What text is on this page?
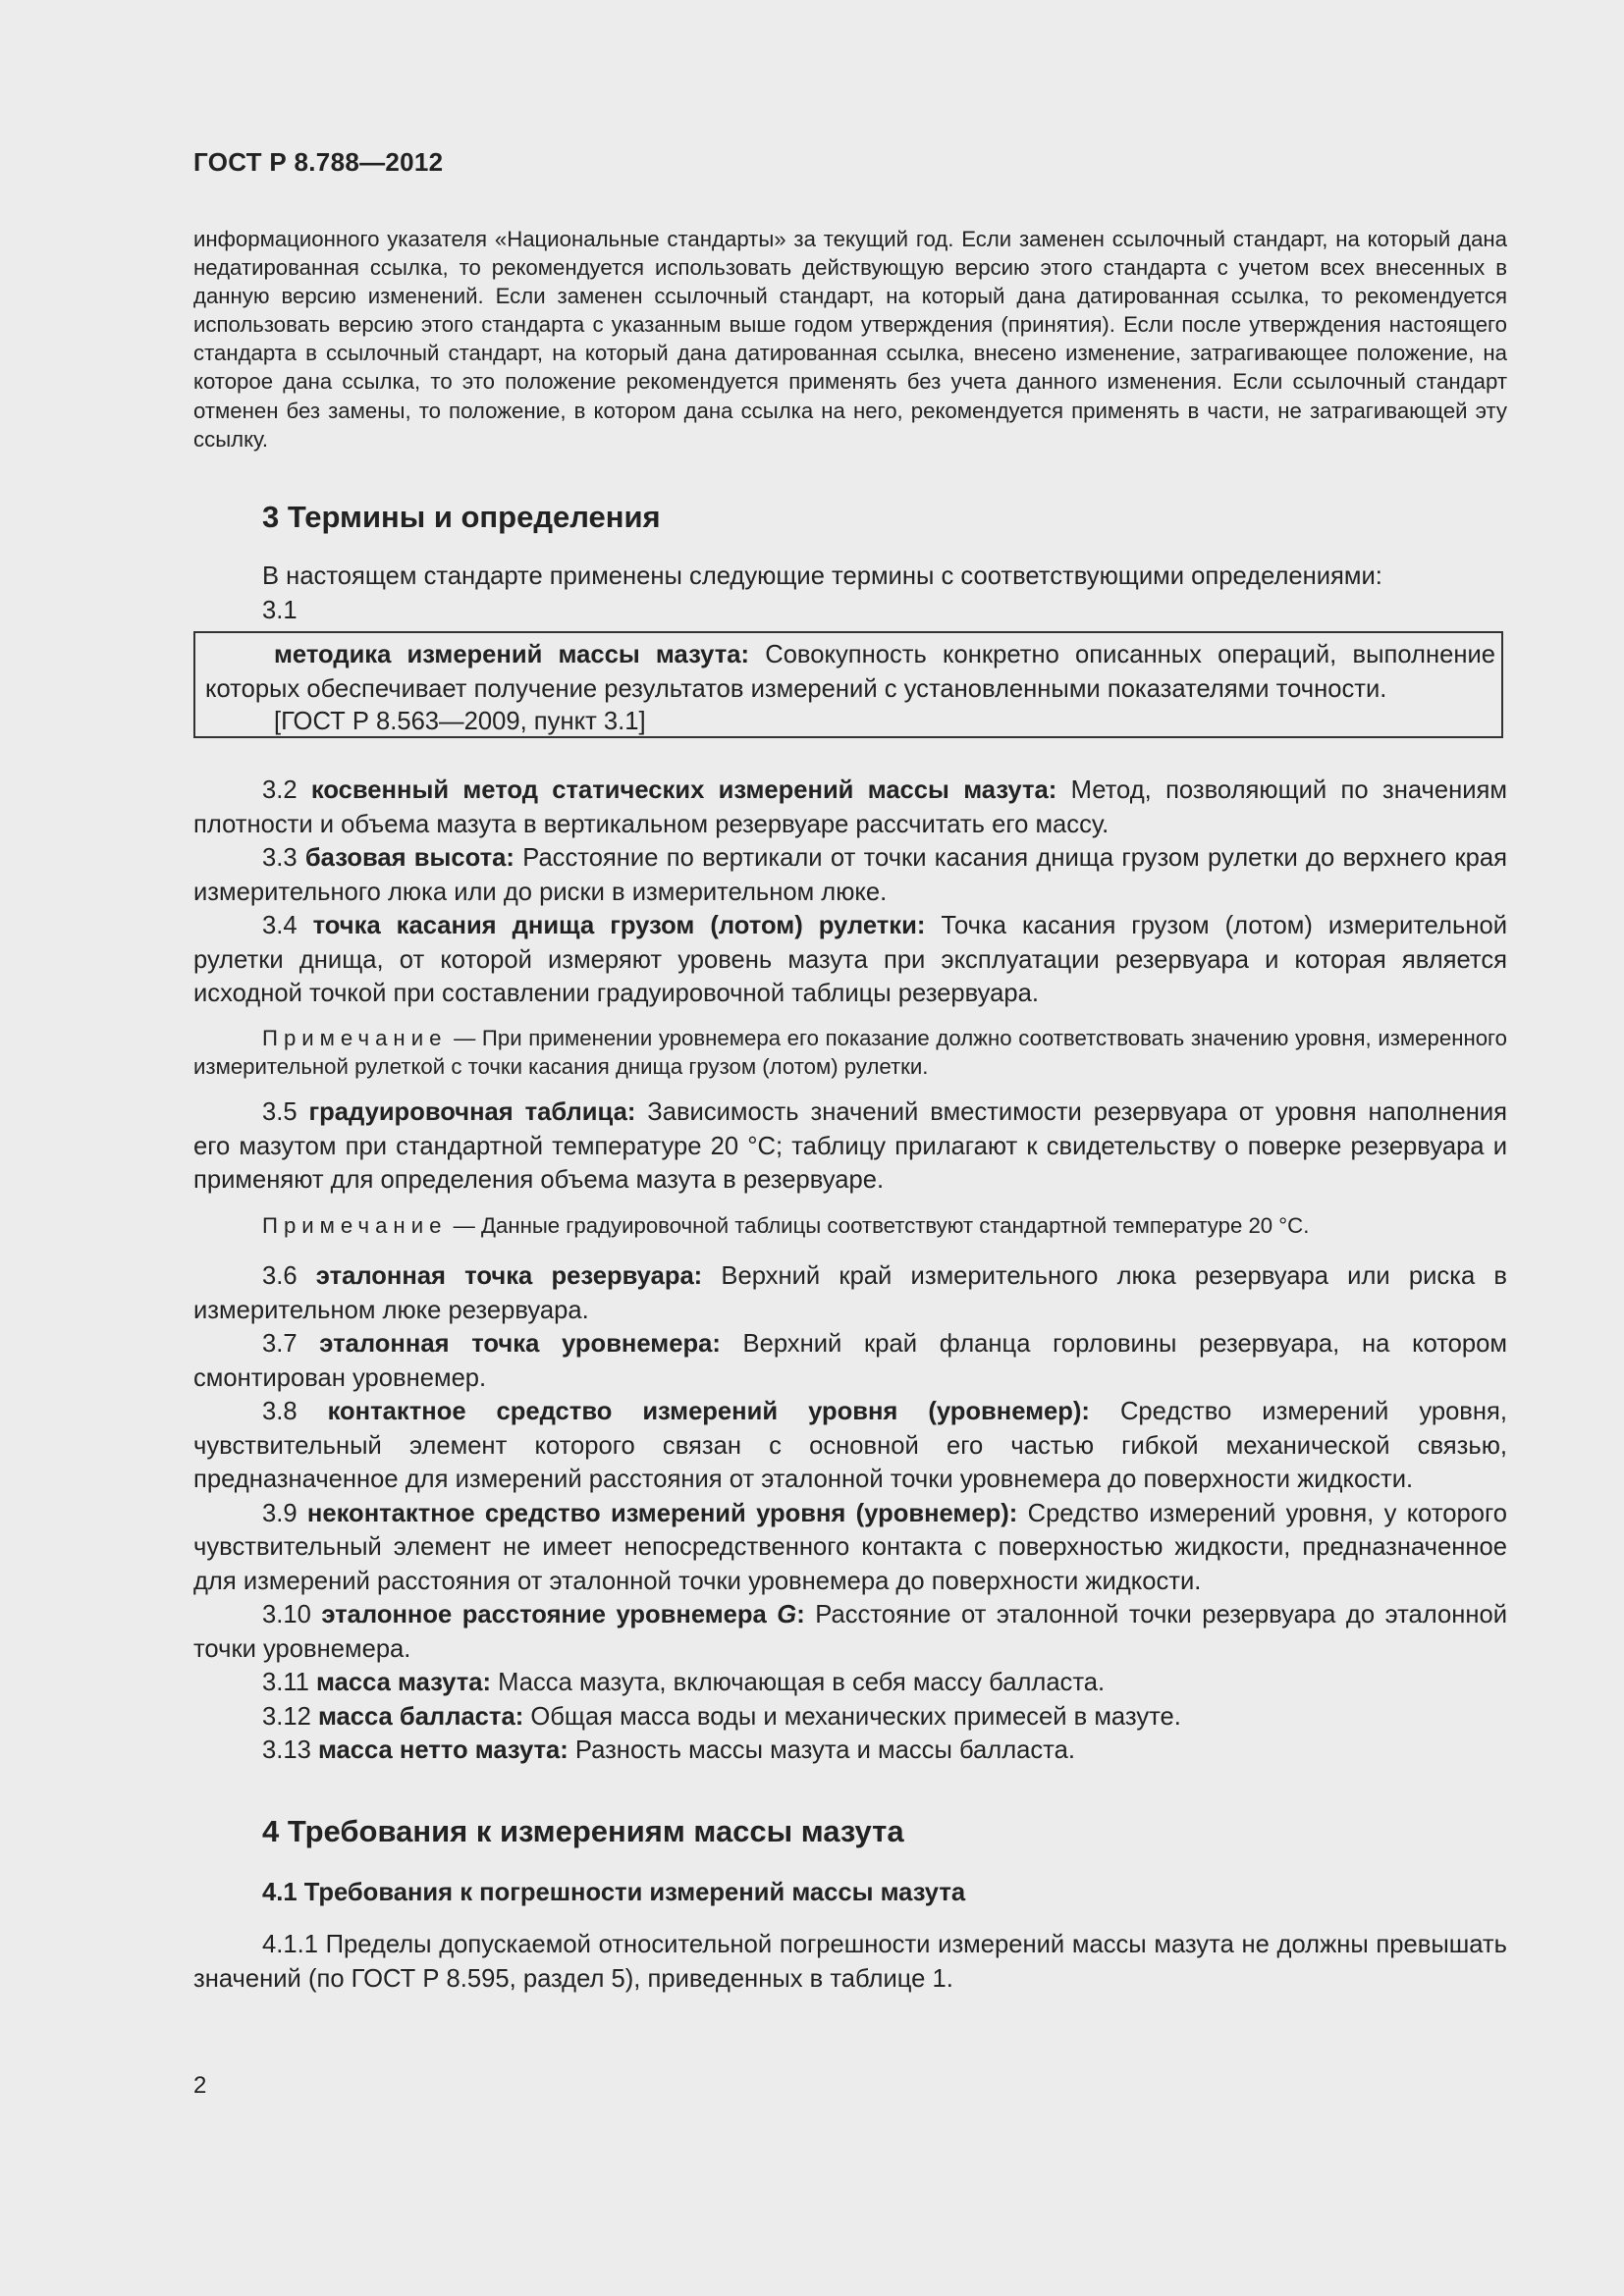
ГОСТ Р 8.788—2012

информационного указателя «Национальные стандарты» за текущий год. Если заменен ссылочный стандарт, на который дана недатированная ссылка, то рекомендуется использовать действующую версию этого стандарта с учетом всех внесенных в данную версию изменений. Если заменен ссылочный стандарт, на который дана датированная ссылка, то рекомендуется использовать версию этого стандарта с указанным выше годом утверждения (принятия). Если после утверждения настоящего стандарта в ссылочный стандарт, на который дана датированная ссылка, внесено изменение, затрагивающее положение, на которое дана ссылка, то это положение рекомендуется применять без учета данного изменения. Если ссылочный стандарт отменен без замены, то положение, в котором дана ссылка на него, рекомендуется применять в части, не затрагивающей эту ссылку.

3 Термины и определения

В настоящем стандарте применены следующие термины с соответствующими определениями:

3.1

методика измерений массы мазута: Совокупность конкретно описанных операций, выполнение которых обеспечивает получение результатов измерений с установленными показателями точности.

[ГОСТ Р 8.563—2009, пункт 3.1]

3.2 косвенный метод статических измерений массы мазута: Метод, позволяющий по значениям плотности и объема мазута в вертикальном резервуаре рассчитать его массу.

3.3 базовая высота: Расстояние по вертикали от точки касания днища грузом рулетки до верхнего края измерительного люка или до риски в измерительном люке.

3.4 точка касания днища грузом (лотом) рулетки: Точка касания грузом (лотом) измерительной рулетки днища, от которой измеряют уровень мазута при эксплуатации резервуара и которая является исходной точкой при составлении градуировочной таблицы резервуара.

Примечание — При применении уровнемера его показание должно соответствовать значению уровня, измеренного измерительной рулеткой с точки касания днища грузом (лотом) рулетки.

3.5 градуировочная таблица: Зависимость значений вместимости резервуара от уровня наполнения его мазутом при стандартной температуре 20 °С; таблицу прилагают к свидетельству о поверке резервуара и применяют для определения объема мазута в резервуаре.

Примечание — Данные градуировочной таблицы соответствуют стандартной температуре 20 °С.

3.6 эталонная точка резервуара: Верхний край измерительного люка резервуара или риска в измерительном люке резервуара.

3.7 эталонная точка уровнемера: Верхний край фланца горловины резервуара, на котором смонтирован уровнемер.

3.8 контактное средство измерений уровня (уровнемер): Средство измерений уровня, чувствительный элемент которого связан с основной его частью гибкой механической связью, предназначенное для измерений расстояния от эталонной точки уровнемера до поверхности жидкости.

3.9 неконтактное средство измерений уровня (уровнемер): Средство измерений уровня, у которого чувствительный элемент не имеет непосредственного контакта с поверхностью жидкости, предназначенное для измерений расстояния от эталонной точки уровнемера до поверхности жидкости.

3.10 эталонное расстояние уровнемера G: Расстояние от эталонной точки резервуара до эталонной точки уровнемера.

3.11 масса мазута: Масса мазута, включающая в себя массу балласта.

3.12 масса балласта: Общая масса воды и механических примесей в мазуте.

3.13 масса нетто мазута: Разность массы мазута и массы балласта.

4 Требования к измерениям массы мазута
4.1 Требования к погрешности измерений массы мазута

4.1.1 Пределы допускаемой относительной погрешности измерений массы мазута не должны превышать значений (по ГОСТ Р 8.595, раздел 5), приведенных в таблице 1.

2
